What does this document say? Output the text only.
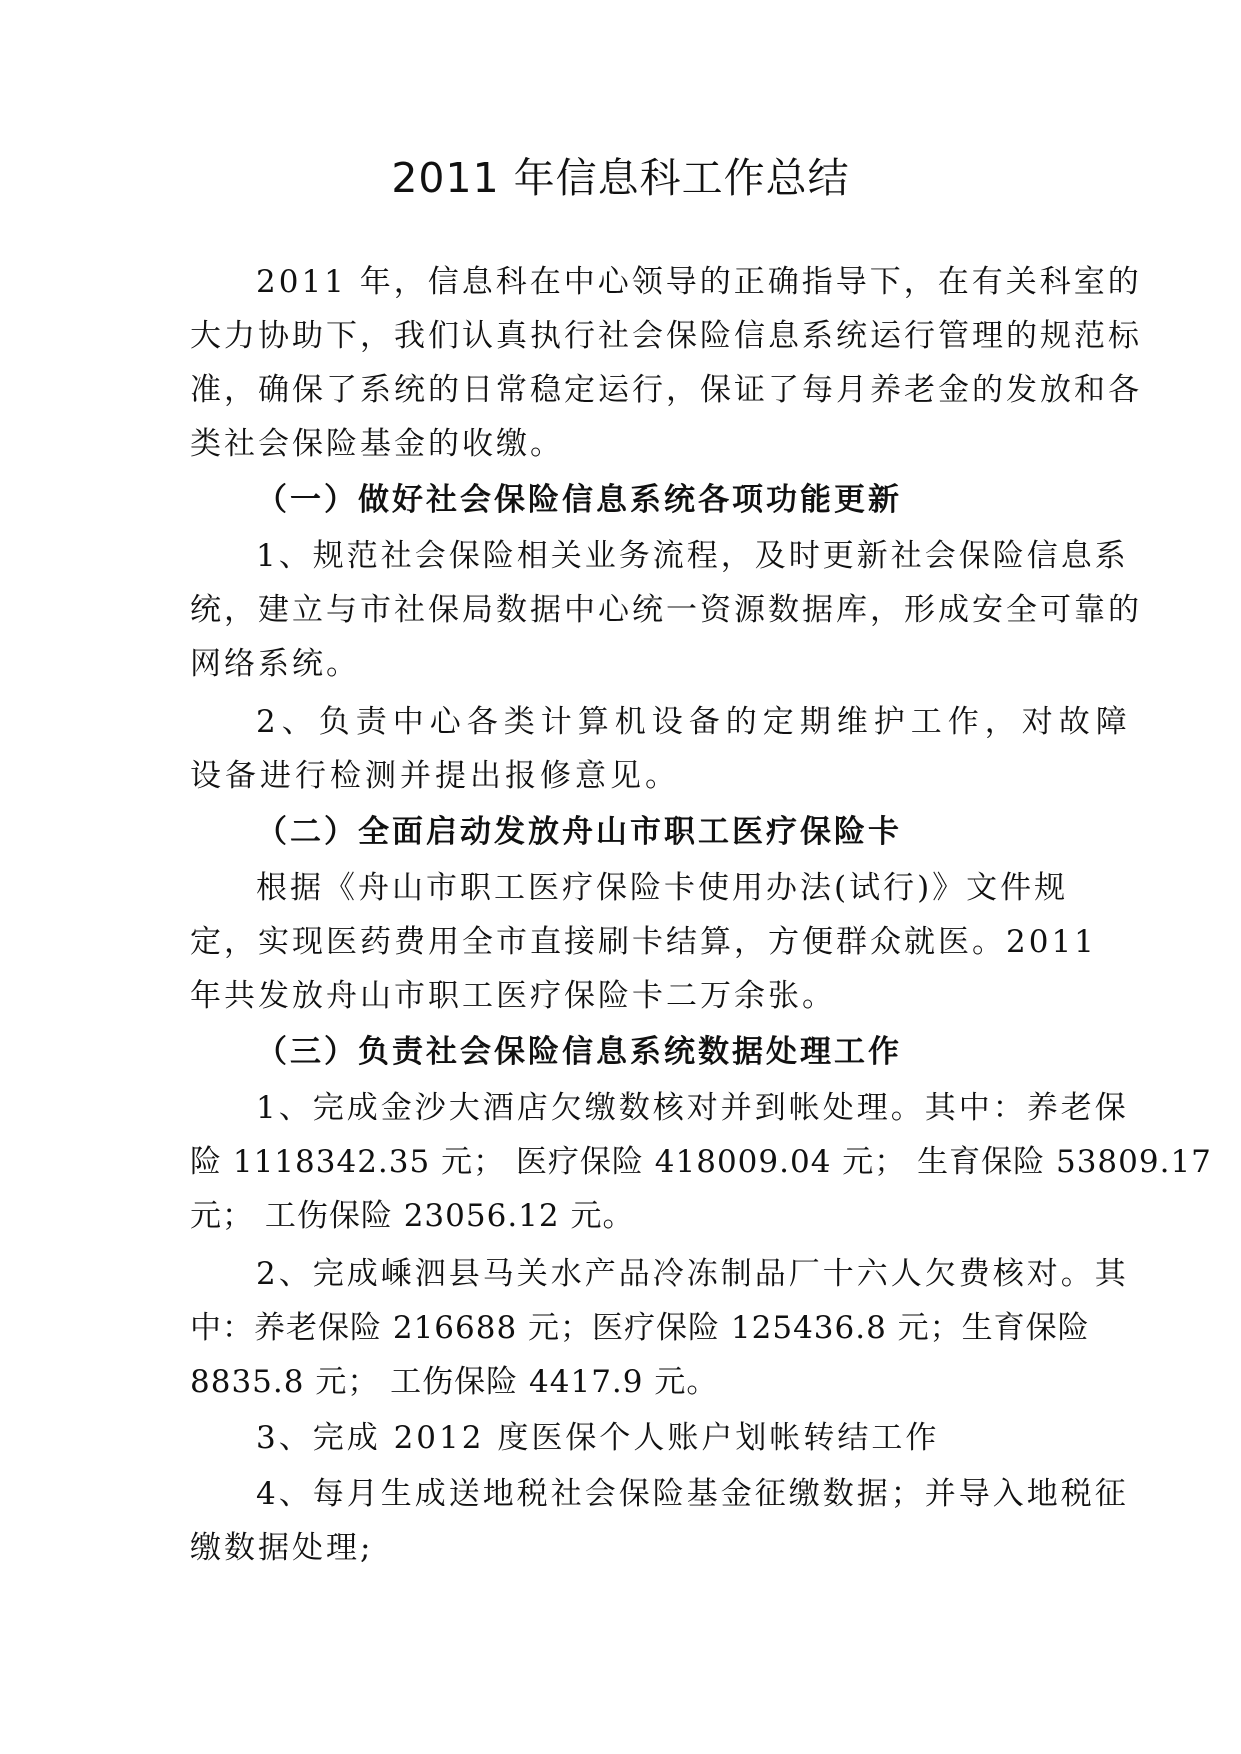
2011 年信息科工作总结
2011 年，信息科在中心领导的正确指导下，在有关科室的
大力协助下，我们认真执行社会保险信息系统运行管理的规范标
准，确保了系统的日常稳定运行，保证了每月养老金的发放和各
类社会保险基金的收缴。
（一）做好社会保险信息系统各项功能更新
1、规范社会保险相关业务流程，及时更新社会保险信息系
统，建立与市社保局数据中心统一资源数据库，形成安全可靠的
网络系统。
2、负责中心各类计算机设备的定期维护工作，对故障
设备进行检测并提出报修意见。
（二）全面启动发放舟山市职工医疗保险卡
根据《舟山市职工医疗保险卡使用办法(试行)》文件规
定，实现医药费用全市直接刷卡结算，方便群众就医。2011
年共发放舟山市职工医疗保险卡二万余张。
（三）负责社会保险信息系统数据处理工作
1、完成金沙大酒店欠缴数核对并到帐处理。其中：养老保
险 1118342.35 元； 医疗保险 418009.04 元； 生育保险 53809.17
元； 工伤保险 23056.12 元。
2、完成嵊泗县马关水产品冷冻制品厂十六人欠费核对。其
中：养老保险 216688 元；医疗保险 125436.8 元；生育保险
8835.8 元； 工伤保险 4417.9 元。
3、完成 2012 度医保个人账户划帐转结工作
4、每月生成送地税社会保险基金征缴数据；并导入地税征
缴数据处理;
